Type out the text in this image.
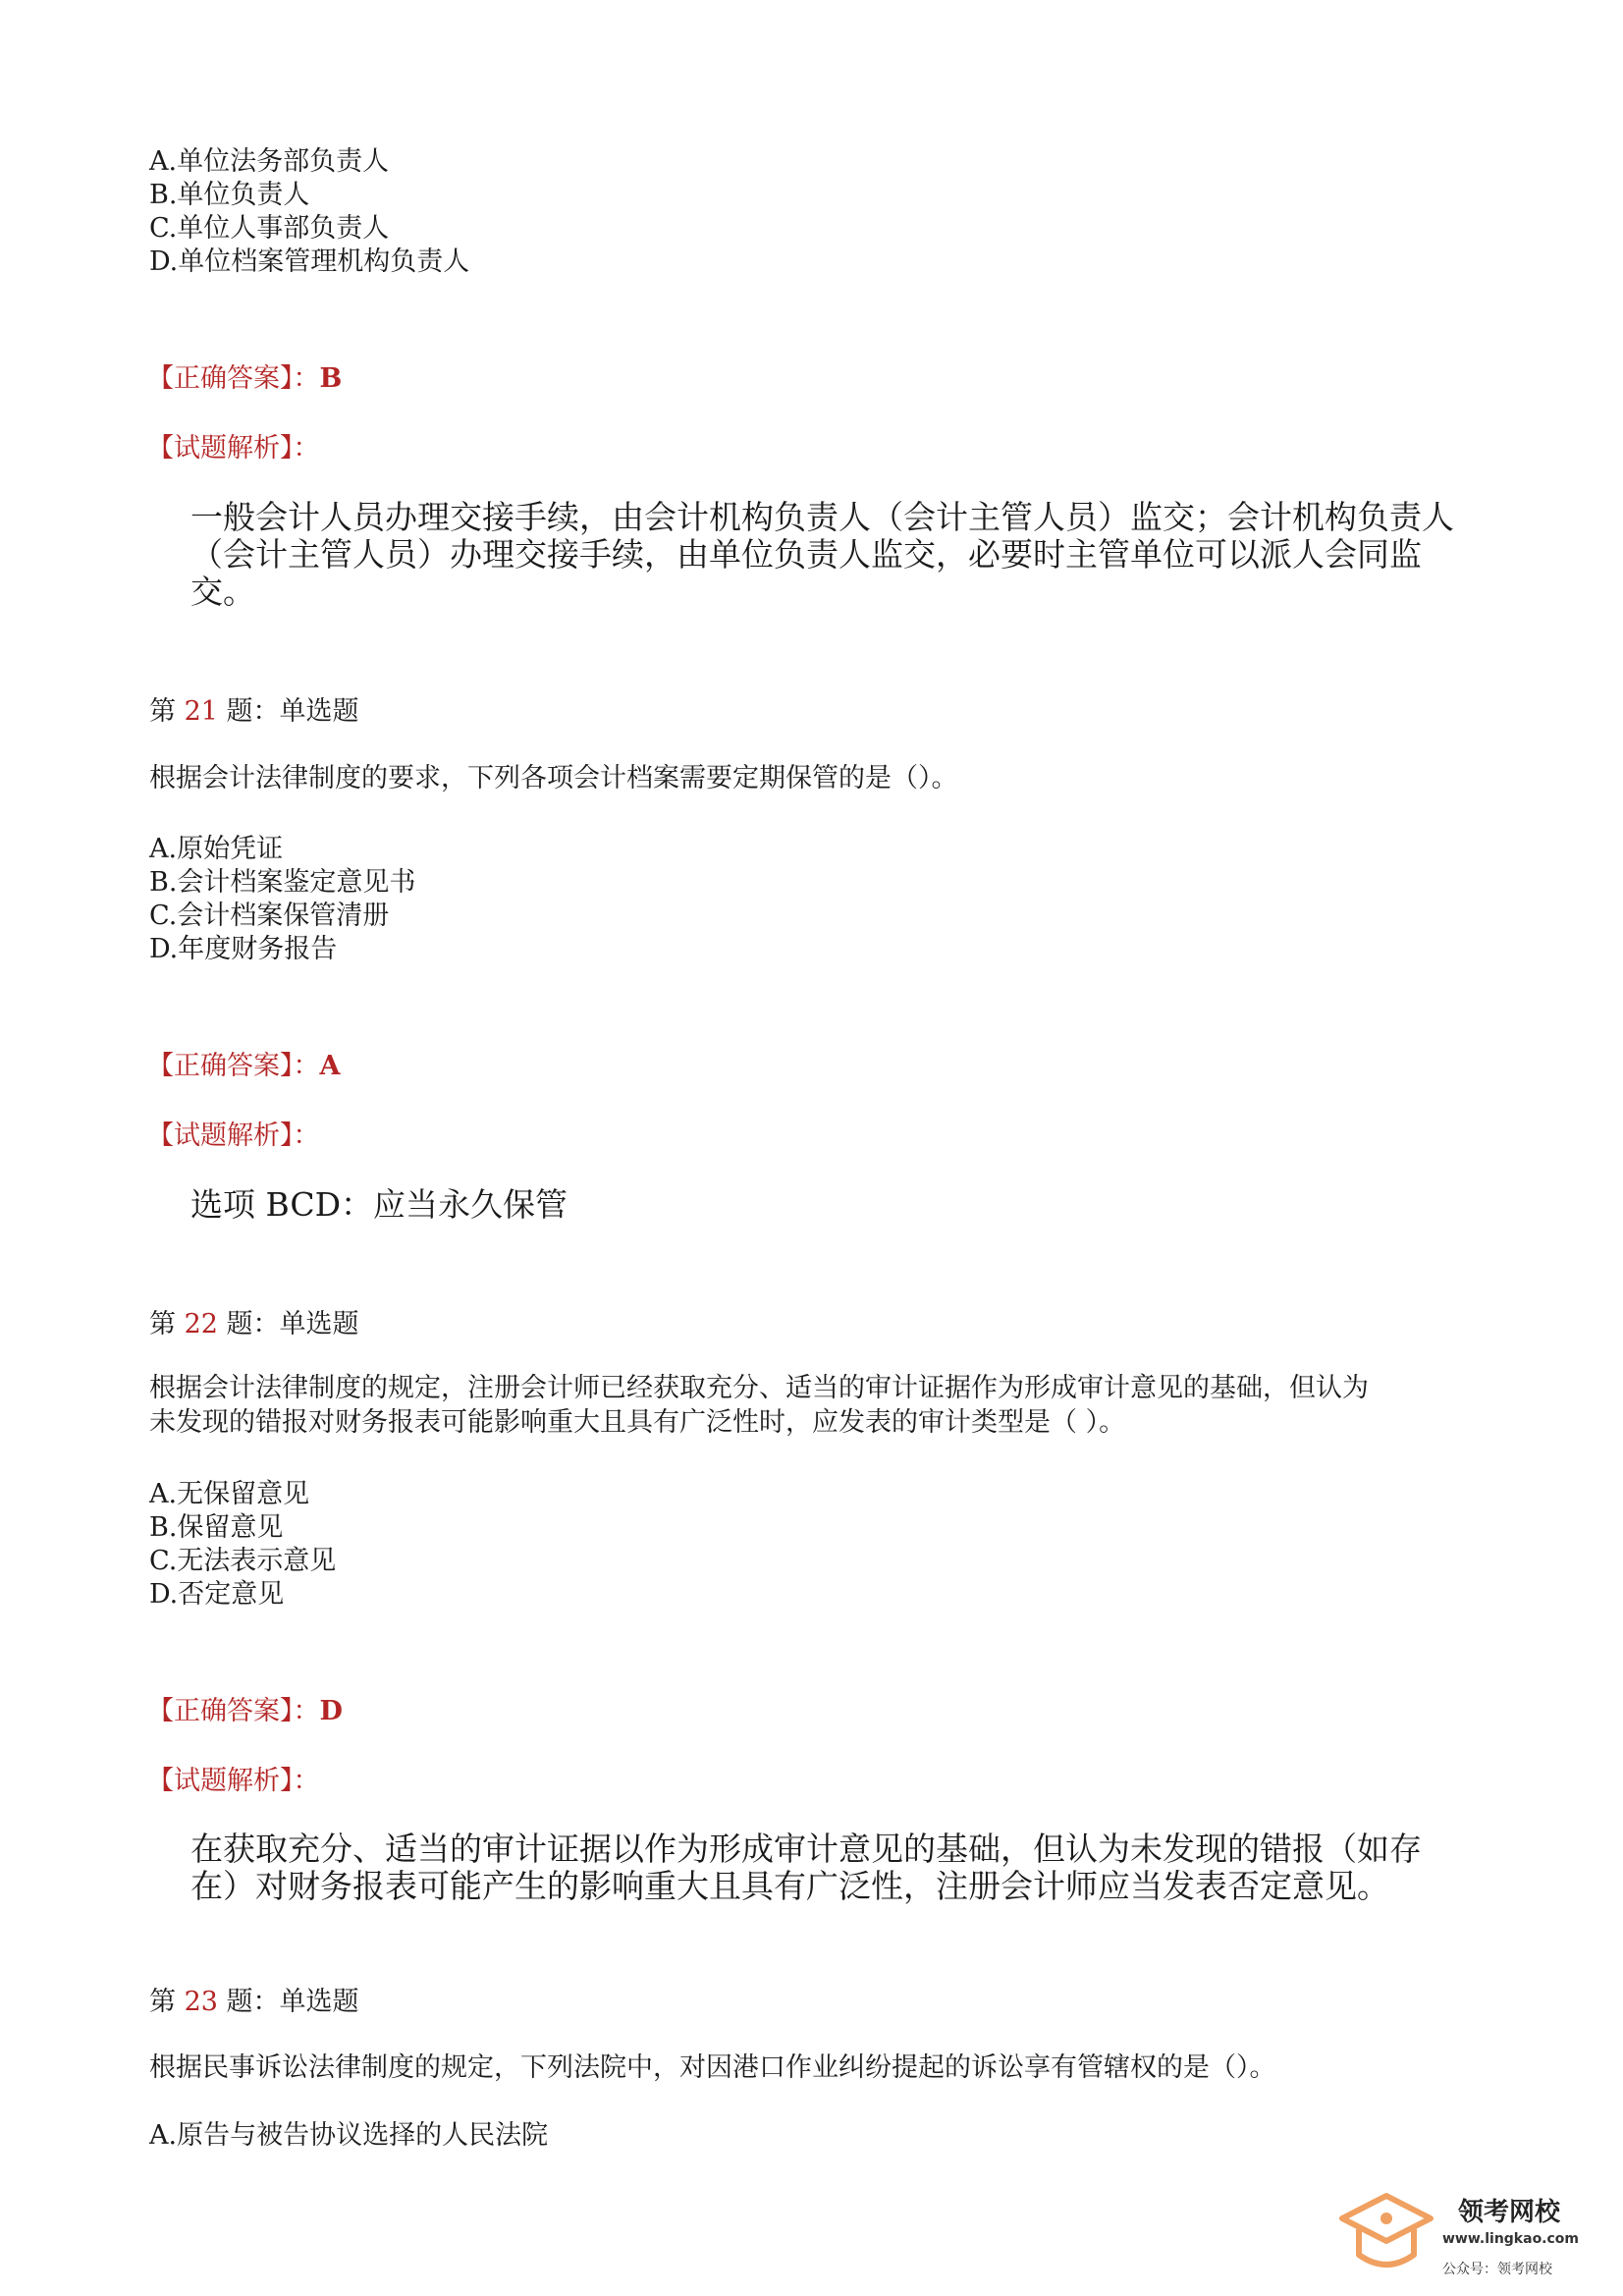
A.单位法务部负责人
B.单位负责人
C.单位人事部负责人
D.单位档案管理机构负责人
【正确答案】：B
【试题解析】：
一般会计人员办理交接手续，由会计机构负责人（会计主管人员）监交；会计机构负责人
（会计主管人员）办理交接手续，由单位负责人监交，必要时主管单位可以派人会同监
交。
第 21 题：单选题
根据会计法律制度的要求，下列各项会计档案需要定期保管的是（）。
A.原始凭证
B.会计档案鉴定意见书
C.会计档案保管清册
D.年度财务报告
【正确答案】：A
【试题解析】：
选项 BCD：应当永久保管
第 22 题：单选题
根据会计法律制度的规定，注册会计师已经获取充分、适当的审计证据作为形成审计意见的基础，但认为
未发现的错报对财务报表可能影响重大且具有广泛性时，应发表的审计类型是（ ）。
A.无保留意见
B.保留意见
C.无法表示意见
D.否定意见
【正确答案】：D
【试题解析】：
在获取充分、适当的审计证据以作为形成审计意见的基础，但认为未发现的错报（如存
在）对财务报表可能产生的影响重大且具有广泛性，注册会计师应当发表否定意见。
第 23 题：单选题
根据民事诉讼法律制度的规定，下列法院中，对因港口作业纠纷提起的诉讼享有管辖权的是（）。
A.原告与被告协议选择的人民法院
领考网校
www.lingkao.com
公众号：领考网校
